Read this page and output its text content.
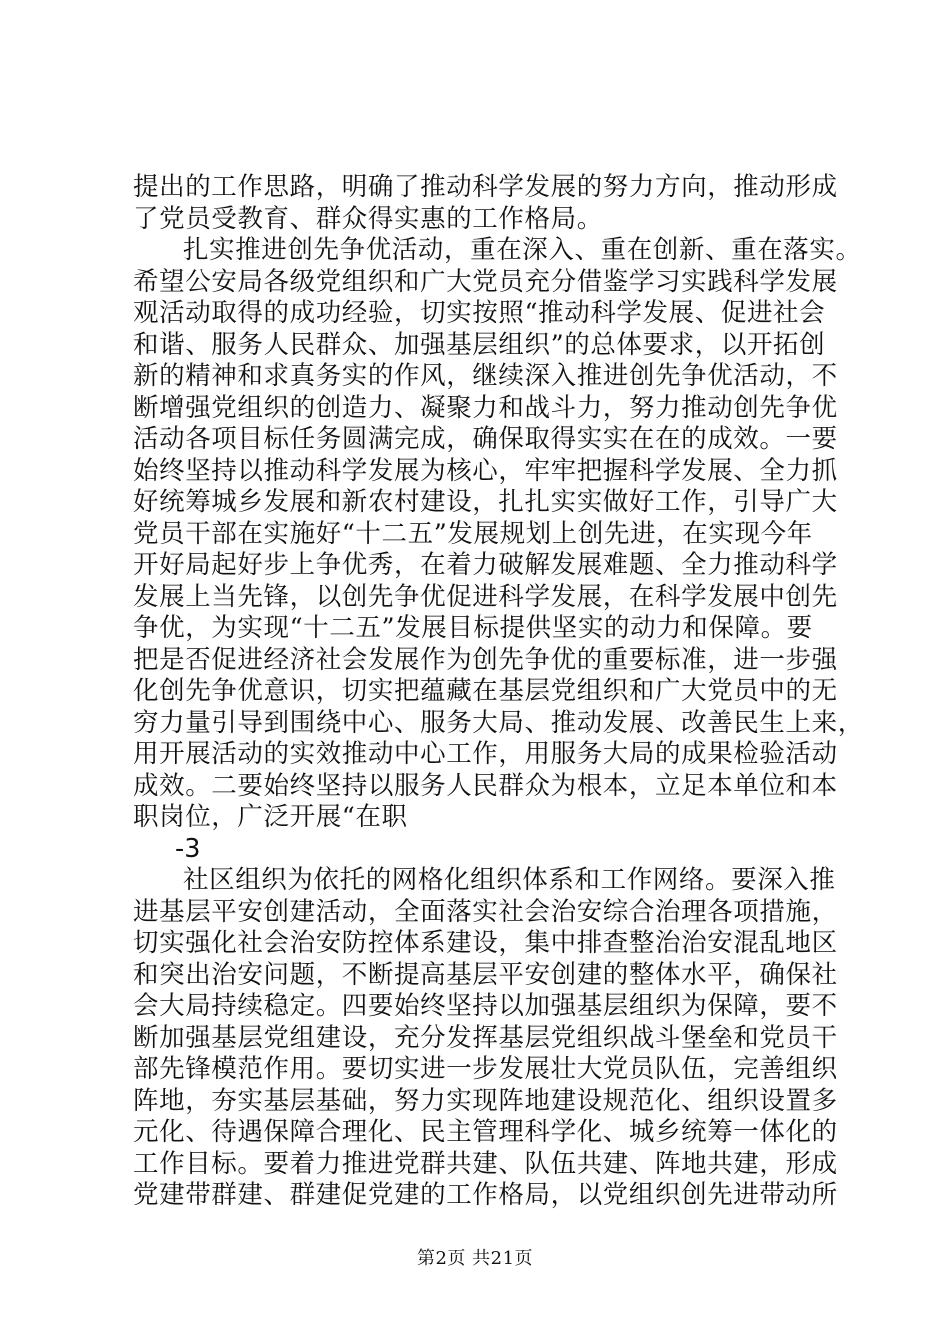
提出的工作思路，明确了推动科学发展的努力方向，推动形成
了党员受教育、群众得实惠的工作格局。
扎实推进创先争优活动，重在深入、重在创新、重在落实。
希望公安局各级党组织和广大党员充分借鉴学习实践科学发展
观活动取得的成功经验，切实按照“推动科学发展、促进社会
和谐、服务人民群众、加强基层组织”的总体要求，以开拓创
新的精神和求真务实的作风，继续深入推进创先争优活动，不
断增强党组织的创造力、凝聚力和战斗力，努力推动创先争优
活动各项目标任务圆满完成，确保取得实实在在的成效。一要
始终坚持以推动科学发展为核心，牢牢把握科学发展、全力抓
好统筹城乡发展和新农村建设，扎扎实实做好工作，引导广大
党员干部在实施好“十二五”发展规划上创先进，在实现今年
开好局起好步上争优秀，在着力破解发展难题、全力推动科学
发展上当先锋，以创先争优促进科学发展，在科学发展中创先
争优，为实现“十二五”发展目标提供坚实的动力和保障。要
把是否促进经济社会发展作为创先争优的重要标准，进一步强
化创先争优意识，切实把蕴藏在基层党组织和广大党员中的无
穷力量引导到围绕中心、服务大局、推动发展、改善民生上来，
用开展活动的实效推动中心工作，用服务大局的成果检验活动
成效。二要始终坚持以服务人民群众为根本，立足本单位和本
职岗位，广泛开展“在职
-3
社区组织为依托的网格化组织体系和工作网络。要深入推
进基层平安创建活动，全面落实社会治安综合治理各项措施，
切实强化社会治安防控体系建设，集中排查整治治安混乱地区
和突出治安问题，不断提高基层平安创建的整体水平，确保社
会大局持续稳定。四要始终坚持以加强基层组织为保障，要不
断加强基层党组建设，充分发挥基层党组织战斗堡垒和党员干
部先锋模范作用。要切实进一步发展壮大党员队伍，完善组织
阵地，夯实基层基础，努力实现阵地建设规范化、组织设置多
元化、待遇保障合理化、民主管理科学化、城乡统筹一体化的
工作目标。要着力推进党群共建、队伍共建、阵地共建，形成
党建带群建、群建促党建的工作格局，以党组织创先进带动所
第2页 共21页
